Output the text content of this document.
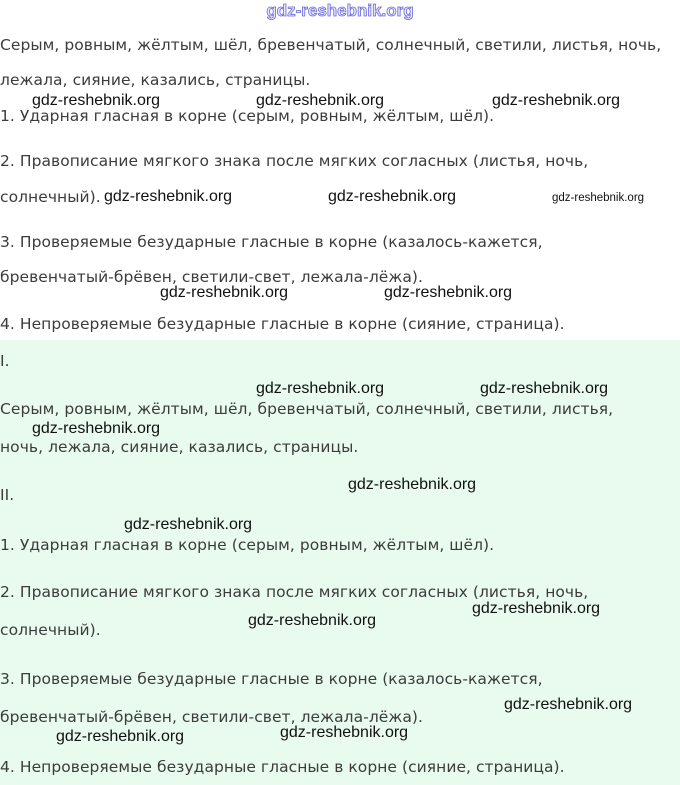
gdz-reshebnik.org
Серым, ровным, жёлтым, шёл, бревенчатый, солнечный, светили, листья, ночь,
лежала, сияние, казались, страницы.
1. Ударная гласная в корне (серым, ровным, жёлтым, шёл).
2. Правописание мягкого знака после мягких согласных (листья, ночь,
солнечный).
3. Проверяемые безударные гласные в корне (казалось-кажется,
бревенчатый-брёвен, светили-свет, лежала-лёжа).
4. Непроверяемые безударные гласные в корне (сияние, страница).
I.
Серым, ровным, жёлтым, шёл, бревенчатый, солнечный, светили, листья,
ночь, лежала, сияние, казались, страницы.
II.
1. Ударная гласная в корне (серым, ровным, жёлтым, шёл).
2. Правописание мягкого знака после мягких согласных (листья, ночь,
солнечный).
3. Проверяемые безударные гласные в корне (казалось-кажется,
бревенчатый-брёвен, светили-свет, лежала-лёжа).
4. Непроверяемые безударные гласные в корне (сияние, страница).
gdz-reshebnik.org	gdz-reshebnik.org	gdz-reshebnik.org
gdz-reshebnik.org	gdz-reshebnik.org	gdz-reshebnik.org
gdz-reshebnik.org	gdz-reshebnik.org
gdz-reshebnik.org	gdz-reshebnik.org
gdz-reshebnik.org
gdz-reshebnik.org
gdz-reshebnik.org
gdz-reshebnik.org
gdz-reshebnik.org
gdz-reshebnik.org
gdz-reshebnik.org
gdz-reshebnik.org
